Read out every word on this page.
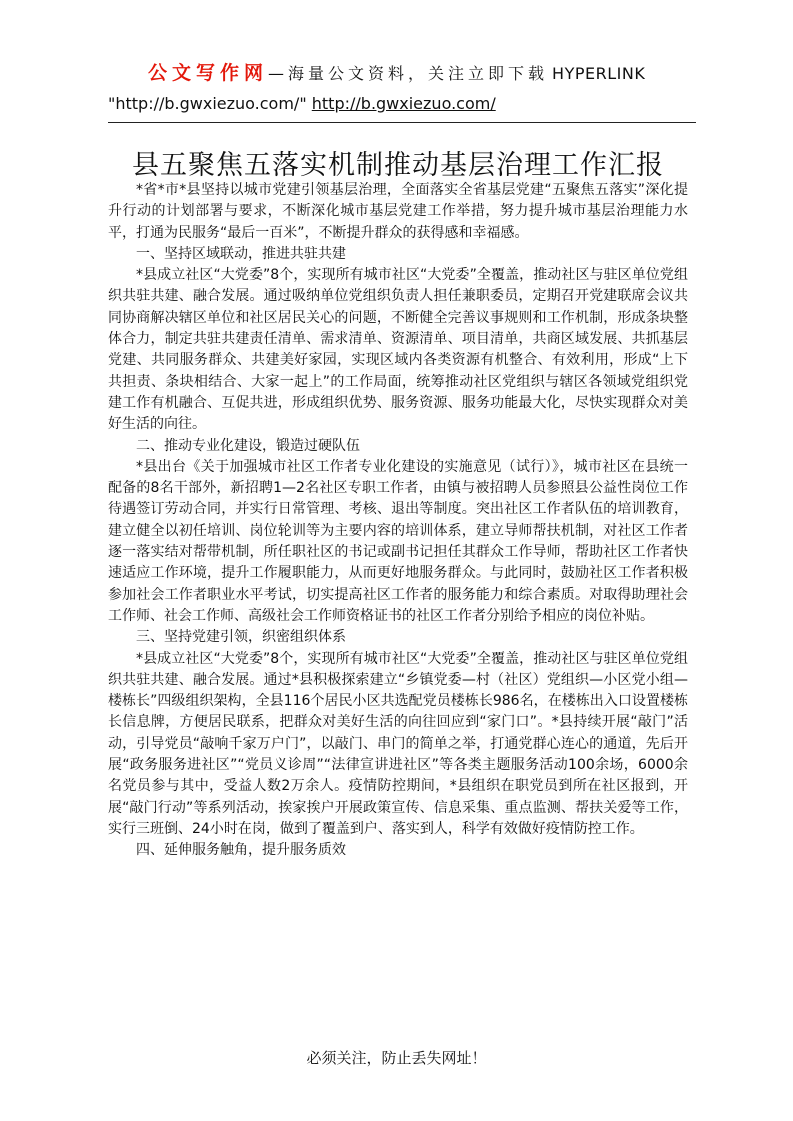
公文写作网—海量公文资料，关注立即下载 HYPERLINK
"http://b.gwxiezuo.com/" http://b.gwxiezuo.com/
县五聚焦五落实机制推动基层治理工作汇报

*省*市*县坚持以城市党建引领基层治理，全面落实全省基层党建“五聚焦五落实”深化提升行动的计划部署与要求，不断深化城市基层党建工作举措，努力提升城市基层治理能力水平，打通为民服务“最后一百米”，不断提升群众的获得感和幸福感。

一、坚持区域联动，推进共驻共建

*县成立社区“大党委”8个，实现所有城市社区“大党委”全覆盖，推动社区与驻区单位党组织共驻共建、融合发展。通过吸纳单位党组织负责人担任兼职委员，定期召开党建联席会议共同协商解决辖区单位和社区居民关心的问题，不断健全完善议事规则和工作机制，形成条块整体合力，制定共驻共建责任清单、需求清单、资源清单、项目清单，共商区域发展、共抓基层党建、共同服务群众、共建美好家园，实现区域内各类资源有机整合、有效利用，形成“上下共担责、条块相结合、大家一起上”的工作局面，统筹推动社区党组织与辖区各领域党组织党建工作有机融合、互促共进，形成组织优势、服务资源、服务功能最大化，尽快实现群众对美好生活的向往。

二、推动专业化建设，锻造过硬队伍

*县出台《关于加强城市社区工作者专业化建设的实施意见（试行）》，城市社区在县统一配备的8名干部外，新招聘1—2名社区专职工作者，由镇与被招聘人员参照县公益性岗位工作待遇签订劳动合同，并实行日常管理、考核、退出等制度。突出社区工作者队伍的培训教育，建立健全以初任培训、岗位轮训等为主要内容的培训体系，建立导师帮扶机制，对社区工作者逐一落实结对帮带机制，所任职社区的书记或副书记担任其群众工作导师，帮助社区工作者快速适应工作环境，提升工作履职能力，从而更好地服务群众。与此同时，鼓励社区工作者积极参加社会工作者职业水平考试，切实提高社区工作者的服务能力和综合素质。对取得助理社会工作师、社会工作师、高级社会工作师资格证书的社区工作者分别给予相应的岗位补贴。

三、坚持党建引领，织密组织体系

*县成立社区“大党委”8个，实现所有城市社区“大党委”全覆盖，推动社区与驻区单位党组织共驻共建、融合发展。通过*县积极探索建立“乡镇党委—村（社区）党组织—小区党小组—楼栋长”四级组织架构，全县116个居民小区共选配党员楼栋长986名，在楼栋出入口设置楼栋长信息牌，方便居民联系，把群众对美好生活的向往回应到“家门口”。*县持续开展“敲门”活动，引导党员“敲响千家万户门”，以敲门、串门的简单之举，打通党群心连心的通道，先后开展“政务服务进社区”“党员义诊周”“法律宣讲进社区”等各类主题服务活动100余场，6000余名党员参与其中，受益人数2万余人。疫情防控期间，*县组织在职党员到所在社区报到，开展“敲门行动”等系列活动，挨家挨户开展政策宣传、信息采集、重点监测、帮扶关爱等工作，实行三班倒、24小时在岗，做到了覆盖到户、落实到人，科学有效做好疫情防控工作。

四、延伸服务触角，提升服务质效
必须关注，防止丢失网址！
